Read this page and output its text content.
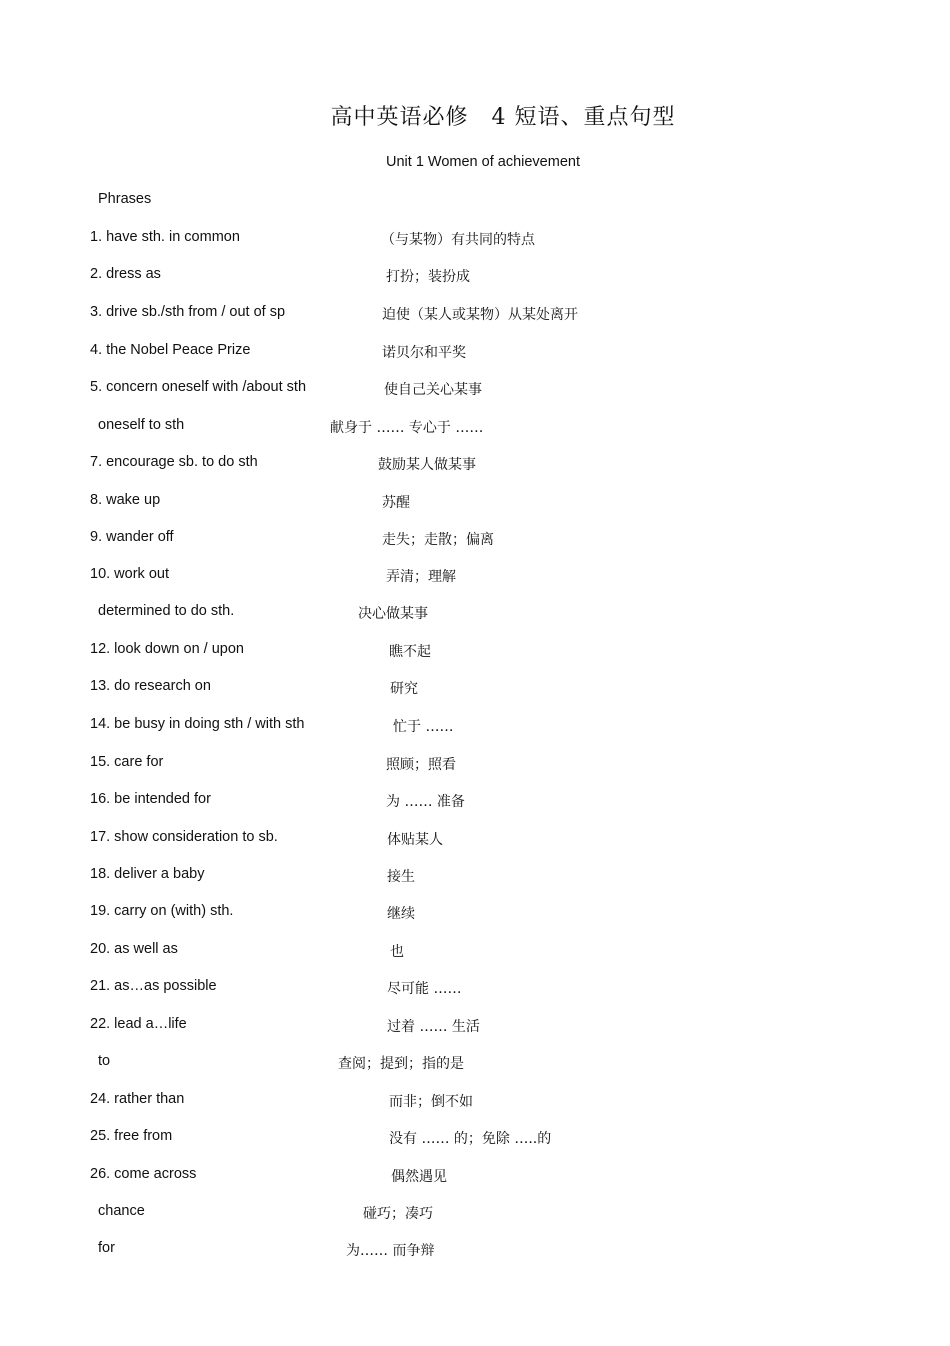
高中英语必修　4 短语、重点句型
Unit 1 Women of achievement
Phrases
1. have sth. in common	（与某物）有共同的特点
2. dress as	打扮；装扮成
3. drive sb./sth from / out of sp	迫使（某人或某物）从某处离开
4. the Nobel Peace Prize	诺贝尔和平奖
5. concern oneself with /about sth	使自己关心某事
oneself to sth	献身于 …… 专心于 ……
7. encourage sb. to do sth	鼓励某人做某事
8. wake up	苏醒
9. wander off	走失；走散；偏离
10. work out	弄清；理解
determined to do sth.	决心做某事
12. look down on / upon	瞧不起
13. do research on	研究
14. be busy in doing sth / with sth	忙于 ……
15. care for	照顾；照看
16. be intended for	为 …… 准备
17. show consideration to sb.	体贴某人
18. deliver a baby	接生
19. carry on (with) sth.	继续
20. as well as	也
21. as…as possible	尽可能 ……
22. lead a…life	过着 …… 生活
to	查阅；提到；指的是
24. rather than	而非；倒不如
25. free from	没有 …… 的；免除 …..的
26. come across	偶然遇见
chance	碰巧；凑巧
for	为…… 而争辩
